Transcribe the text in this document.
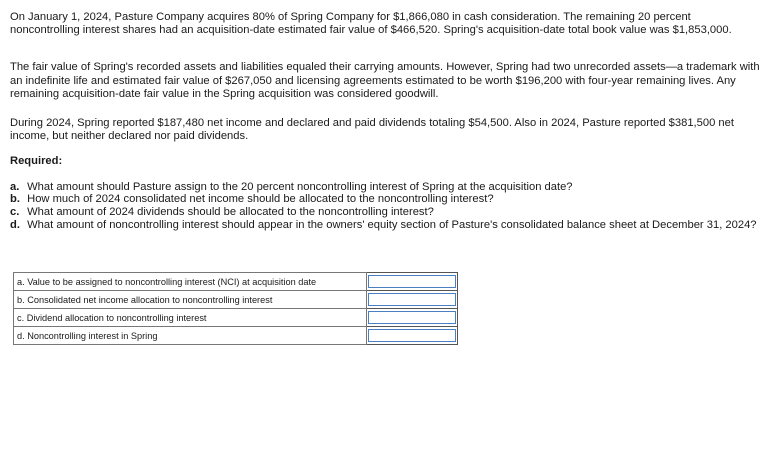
On January 1, 2024, Pasture Company acquires 80% of Spring Company for $1,866,080 in cash consideration. The remaining 20 percent noncontrolling interest shares had an acquisition-date estimated fair value of $466,520. Spring's acquisition-date total book value was $1,853,000.

The fair value of Spring's recorded assets and liabilities equaled their carrying amounts. However, Spring had two unrecorded assets—a trademark with an indefinite life and estimated fair value of $267,050 and licensing agreements estimated to be worth $196,200 with four-year remaining lives. Any remaining acquisition-date fair value in the Spring acquisition was considered goodwill.

During 2024, Spring reported $187,480 net income and declared and paid dividends totaling $54,500. Also in 2024, Pasture reported $381,500 net income, but neither declared nor paid dividends.

Required:

a. What amount should Pasture assign to the 20 percent noncontrolling interest of Spring at the acquisition date?
b. How much of 2024 consolidated net income should be allocated to the noncontrolling interest?
c. What amount of 2024 dividends should be allocated to the noncontrolling interest?
d. What amount of noncontrolling interest should appear in the owners' equity section of Pasture's consolidated balance sheet at December 31, 2024?
a. Value to be assigned to noncontrolling interest (NCI) at acquisition date	

b. Consolidated net income allocation to noncontrolling interest	

c. Dividend allocation to noncontrolling interest	

d. Noncontrolling interest in Spring	
